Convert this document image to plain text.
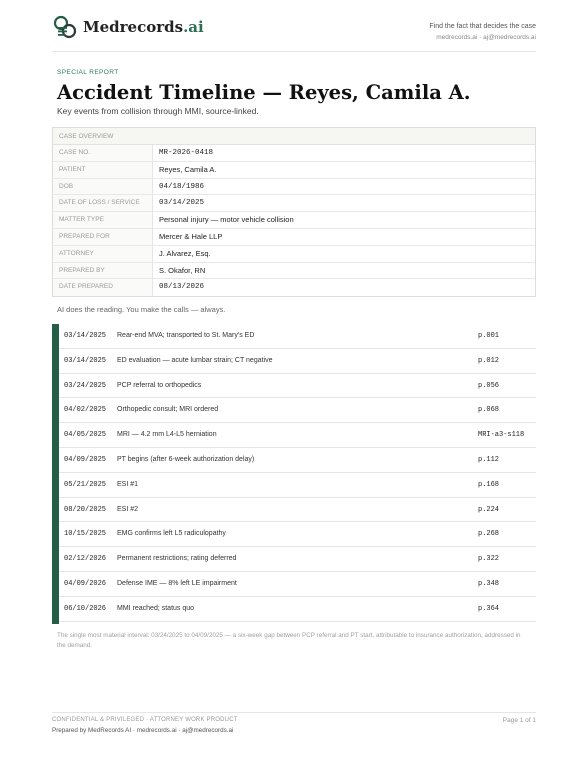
Medrecords.ai	Find the fact that decides the case
medrecords.ai · aj@medrecords.ai
SPECIAL REPORT
Accident Timeline — Reyes, Camila A.
Key events from collision through MMI, source-linked.
CASE OVERVIEW
CASE NO.	MR-2026-0418
PATIENT	Reyes, Camila A.
DOB	04/18/1986
DATE OF LOSS / SERVICE	03/14/2025
MATTER TYPE	Personal injury — motor vehicle collision
PREPARED FOR	Mercer & Hale LLP
ATTORNEY	J. Alvarez, Esq.
PREPARED BY	S. Okafor, RN
DATE PREPARED	08/13/2026
AI does the reading. You make the calls — always.
03/14/2025 Rear-end MVA; transported to St. Mary's ED	p.001
03/14/2025 ED evaluation — acute lumbar strain; CT negative	p.012
03/24/2025 PCP referral to orthopedics	p.056
04/02/2025 Orthopedic consult; MRI ordered	p.068
04/05/2025 MRI — 4.2 mm L4-L5 herniation	MRI-a3-s118
04/09/2025 PT begins (after 6-week authorization delay)	p.112
05/21/2025 ESI #1	p.168
08/20/2025 ESI #2	p.224
10/15/2025 EMG confirms left L5 radiculopathy	p.268
02/12/2026 Permanent restrictions; rating deferred	p.322
04/09/2026 Defense IME — 8% left LE impairment	p.348
06/10/2026 MMI reached; status quo	p.364
The single most material interval: 03/24/2025 to 04/09/2025 — a six-week gap between PCP referral and PT start, attributable to insurance authorization, addressed in the demand.
CONFIDENTIAL & PRIVILEGED · ATTORNEY WORK PRODUCT
Prepared by MedRecords AI · medrecords.ai · aj@medrecords.ai
Page 1 of 1
